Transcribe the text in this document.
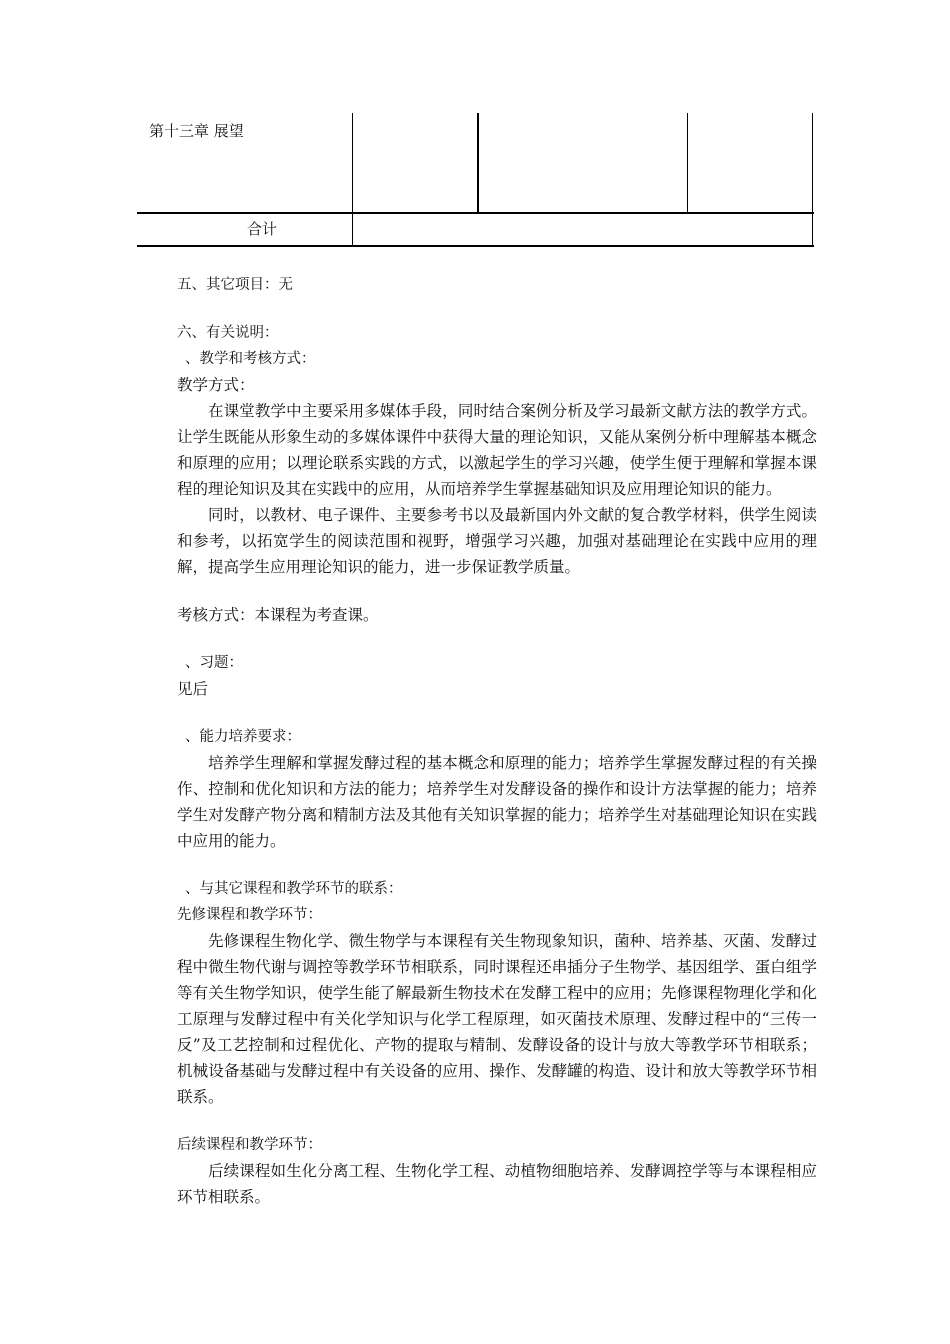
第十三章 展望
合计

五、其它项目：无

六、有关说明：

、教学和考核方式：

教学方式：

在课堂教学中主要采用多媒体手段，同时结合案例分析及学习最新文献方法的教学方式。让学生既能从形象生动的多媒体课件中获得大量的理论知识，又能从案例分析中理解基本概念和原理的应用；以理论联系实践的方式，以激起学生的学习兴趣，使学生便于理解和掌握本课程的理论知识及其在实践中的应用，从而培养学生掌握基础知识及应用理论知识的能力。

同时，以教材、电子课件、主要参考书以及最新国内外文献的复合教学材料，供学生阅读和参考，以拓宽学生的阅读范围和视野，增强学习兴趣，加强对基础理论在实践中应用的理解，提高学生应用理论知识的能力，进一步保证教学质量。

考核方式：本课程为考查课。

、习题：

见后

、能力培养要求：

培养学生理解和掌握发酵过程的基本概念和原理的能力；培养学生掌握发酵过程的有关操作、控制和优化知识和方法的能力；培养学生对发酵设备的操作和设计方法掌握的能力；培养学生对发酵产物分离和精制方法及其他有关知识掌握的能力；培养学生对基础理论知识在实践中应用的能力。

、与其它课程和教学环节的联系：

先修课程和教学环节：

先修课程生物化学、微生物学与本课程有关生物现象知识，菌种、培养基、灭菌、发酵过程中微生物代谢与调控等教学环节相联系，同时课程还串插分子生物学、基因组学、蛋白组学等有关生物学知识，使学生能了解最新生物技术在发酵工程中的应用；先修课程物理化学和化工原理与发酵过程中有关化学知识与化学工程原理，如灭菌技术原理、发酵过程中的“三传一反”及工艺控制和过程优化、产物的提取与精制、发酵设备的设计与放大等教学环节相联系；机械设备基础与发酵过程中有关设备的应用、操作、发酵罐的构造、设计和放大等教学环节相联系。

后续课程和教学环节：

后续课程如生化分离工程、生物化学工程、动植物细胞培养、发酵调控学等与本课程相应环节相联系。
